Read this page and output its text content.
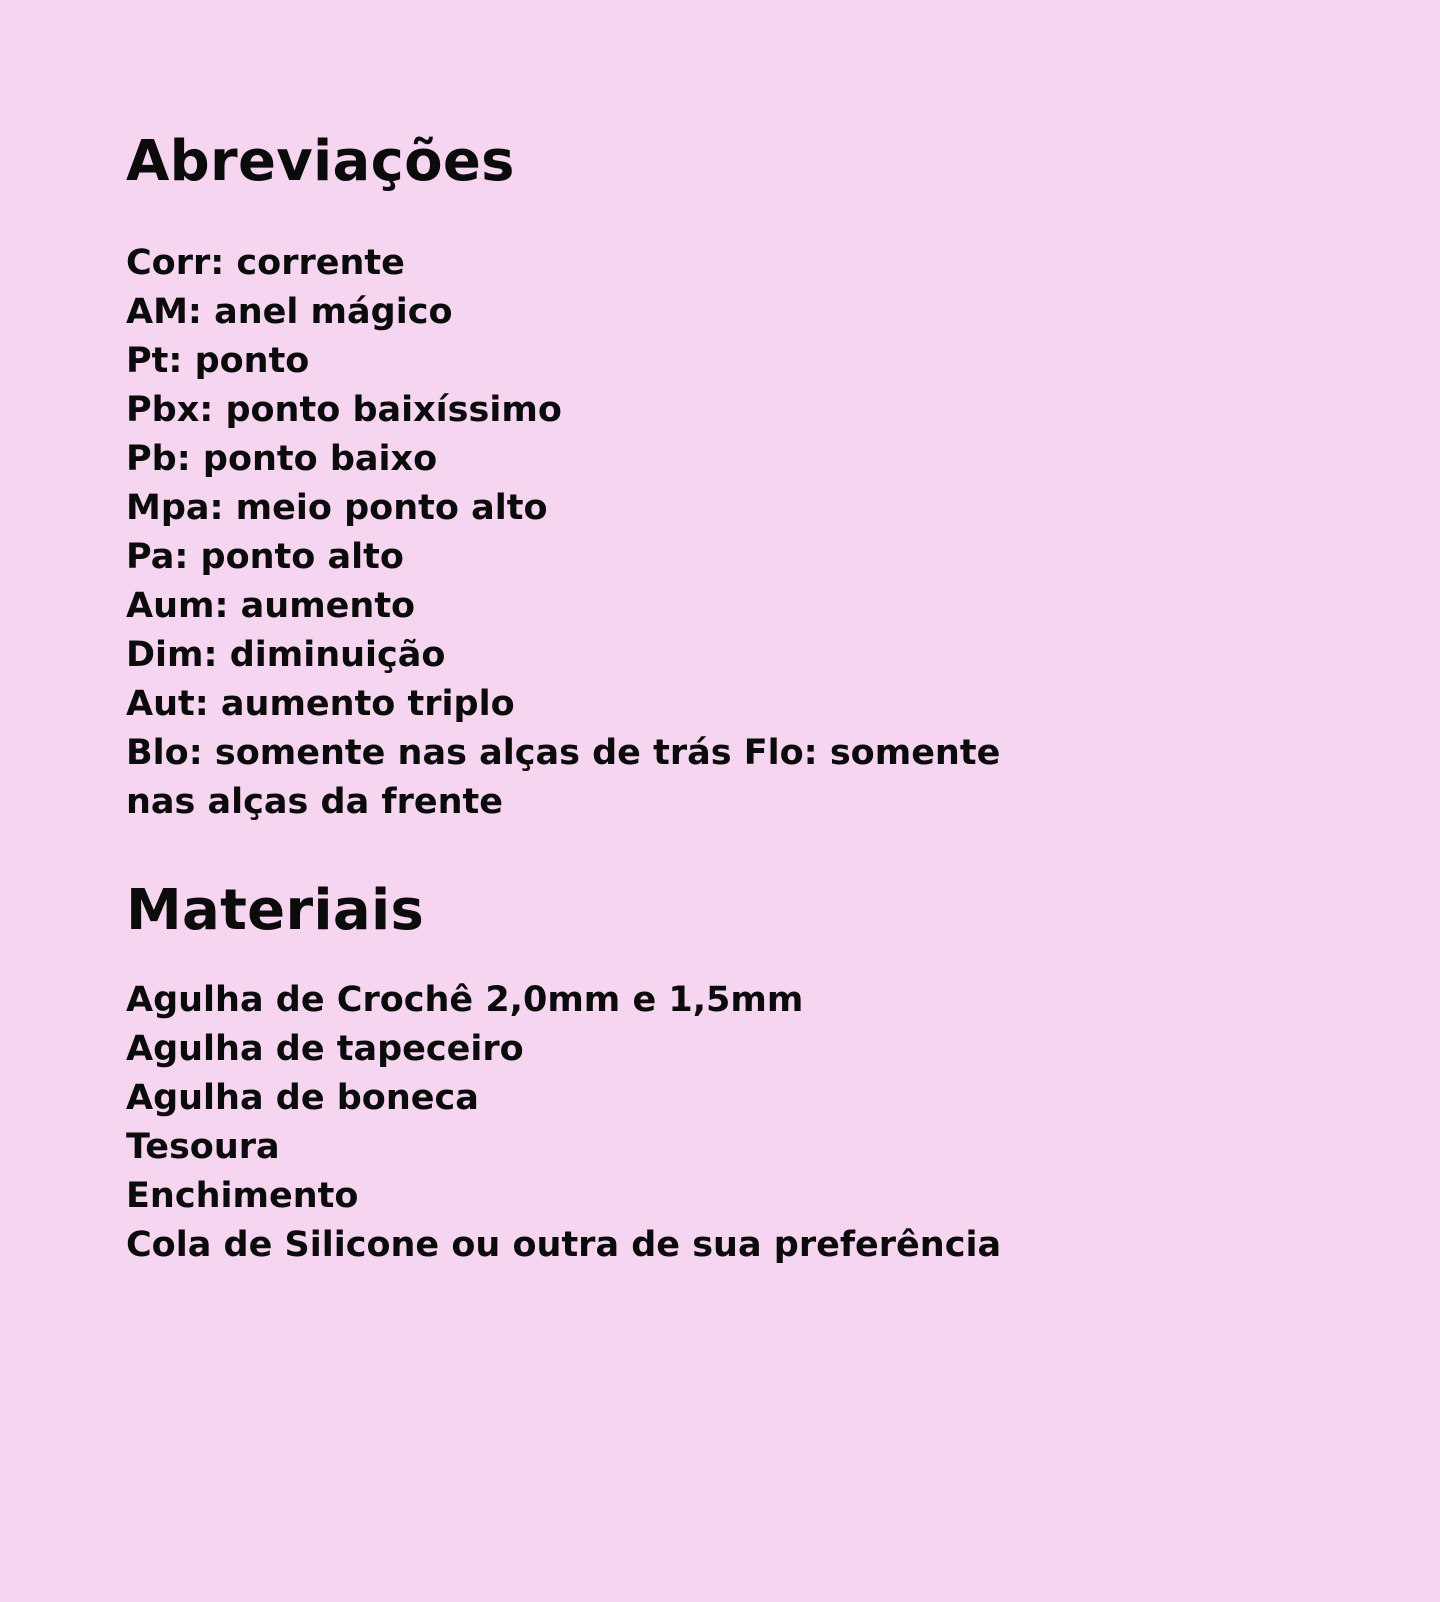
Abreviações
Corr: corrente
AM: anel mágico
Pt: ponto
Pbx: ponto baixíssimo
Pb: ponto baixo
Mpa: meio ponto alto
Pa: ponto alto
Aum: aumento
Dim: diminuição
Aut: aumento triplo
Blo: somente nas alças de trás Flo: somente
nas alças da frente
Materiais
Agulha de Crochê 2,0mm e 1,5mm
Agulha de tapeceiro
Agulha de boneca
Tesoura
Enchimento
Cola de Silicone ou outra de sua preferência
